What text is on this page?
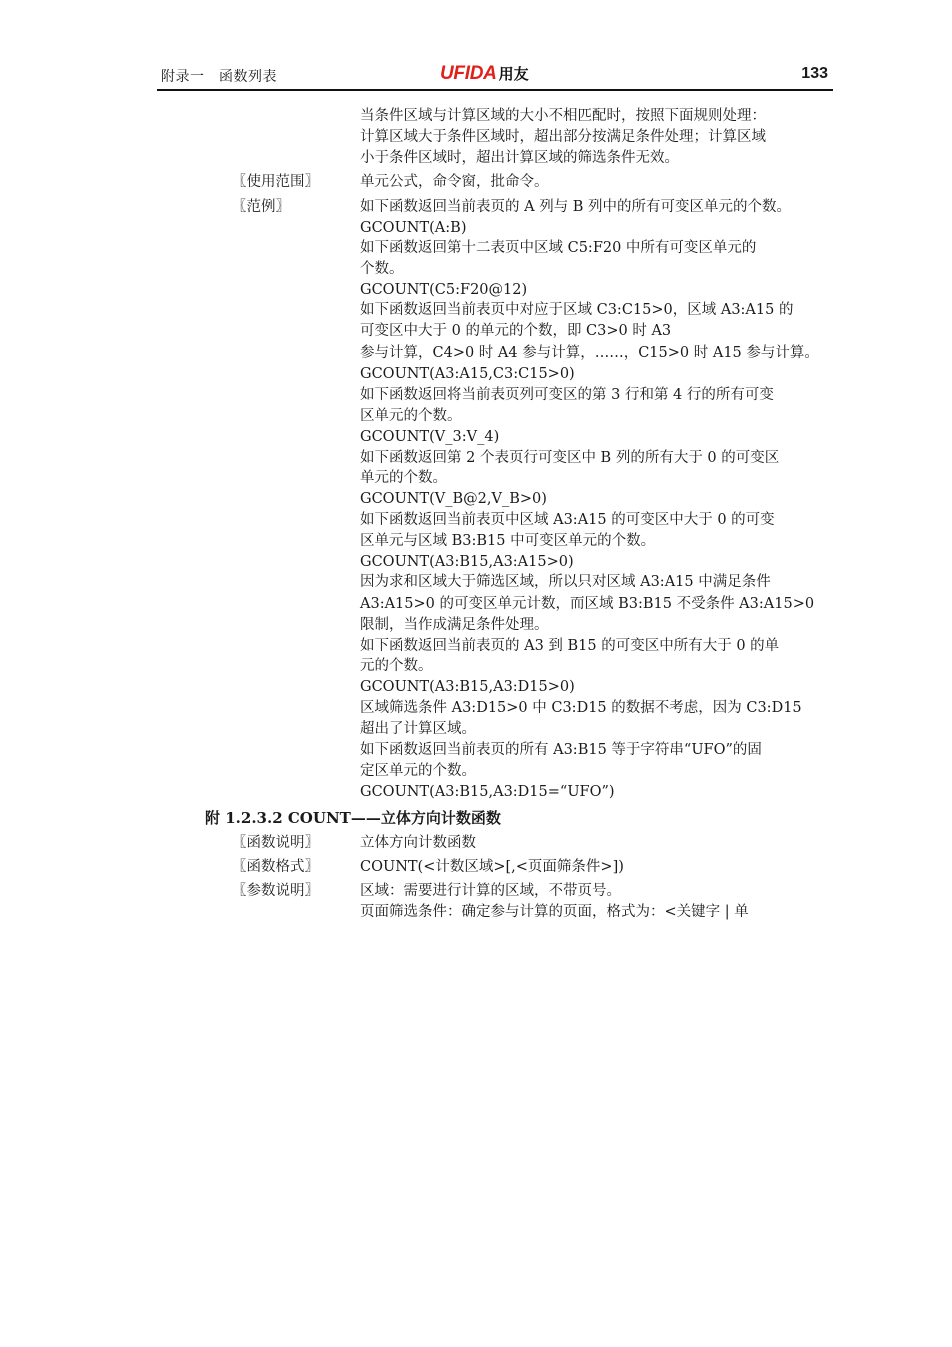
附录一　函数列表	UFIDA 用友	133
当条件区域与计算区域的大小不相匹配时，按照下面规则处理：
计算区域大于条件区域时，超出部分按满足条件处理；计算区域
小于条件区域时，超出计算区域的筛选条件无效。
〖使用范围〗	单元公式，命令窗，批命令。
〖范例〗	如下函数返回当前表页的 A 列与 B 列中的所有可变区单元的个数。
GCOUNT(A:B)
如下函数返回第十二表页中区域 C5:F20 中所有可变区单元的
个数。
GCOUNT(C5:F20@12)
如下函数返回当前表页中对应于区域 C3:C15>0，区域 A3:A15 的
可变区中大于 0 的单元的个数，即 C3>0 时 A3
参与计算，C4>0 时 A4 参与计算，……，C15>0 时 A15 参与计算。
GCOUNT(A3:A15,C3:C15>0)
如下函数返回将当前表页列可变区的第 3 行和第 4 行的所有可变
区单元的个数。
GCOUNT(V_3:V_4)
如下函数返回第 2 个表页行可变区中 B 列的所有大于 0 的可变区
单元的个数。
GCOUNT(V_B@2,V_B>0)
如下函数返回当前表页中区域 A3:A15 的可变区中大于 0 的可变
区单元与区域 B3:B15 中可变区单元的个数。
GCOUNT(A3:B15,A3:A15>0)
因为求和区域大于筛选区域，所以只对区域 A3:A15 中满足条件
A3:A15>0 的可变区单元计数，而区域 B3:B15 不受条件 A3:A15>0
限制，当作成满足条件处理。
如下函数返回当前表页的 A3 到 B15 的可变区中所有大于 0 的单
元的个数。
GCOUNT(A3:B15,A3:D15>0)
区域筛选条件 A3:D15>0 中 C3:D15 的数据不考虑，因为 C3:D15
超出了计算区域。
如下函数返回当前表页的所有 A3:B15 等于字符串“UFO”的固
定区单元的个数。
GCOUNT(A3:B15,A3:D15=“UFO”)
附 1.2.3.2 COUNT——立体方向计数函数
〖函数说明〗	立体方向计数函数
〖函数格式〗	COUNT(<计数区域>[,<页面筛条件>])
〖参数说明〗	区域：需要进行计算的区域，不带页号。
页面筛选条件：确定参与计算的页面，格式为：<关键字 | 单
